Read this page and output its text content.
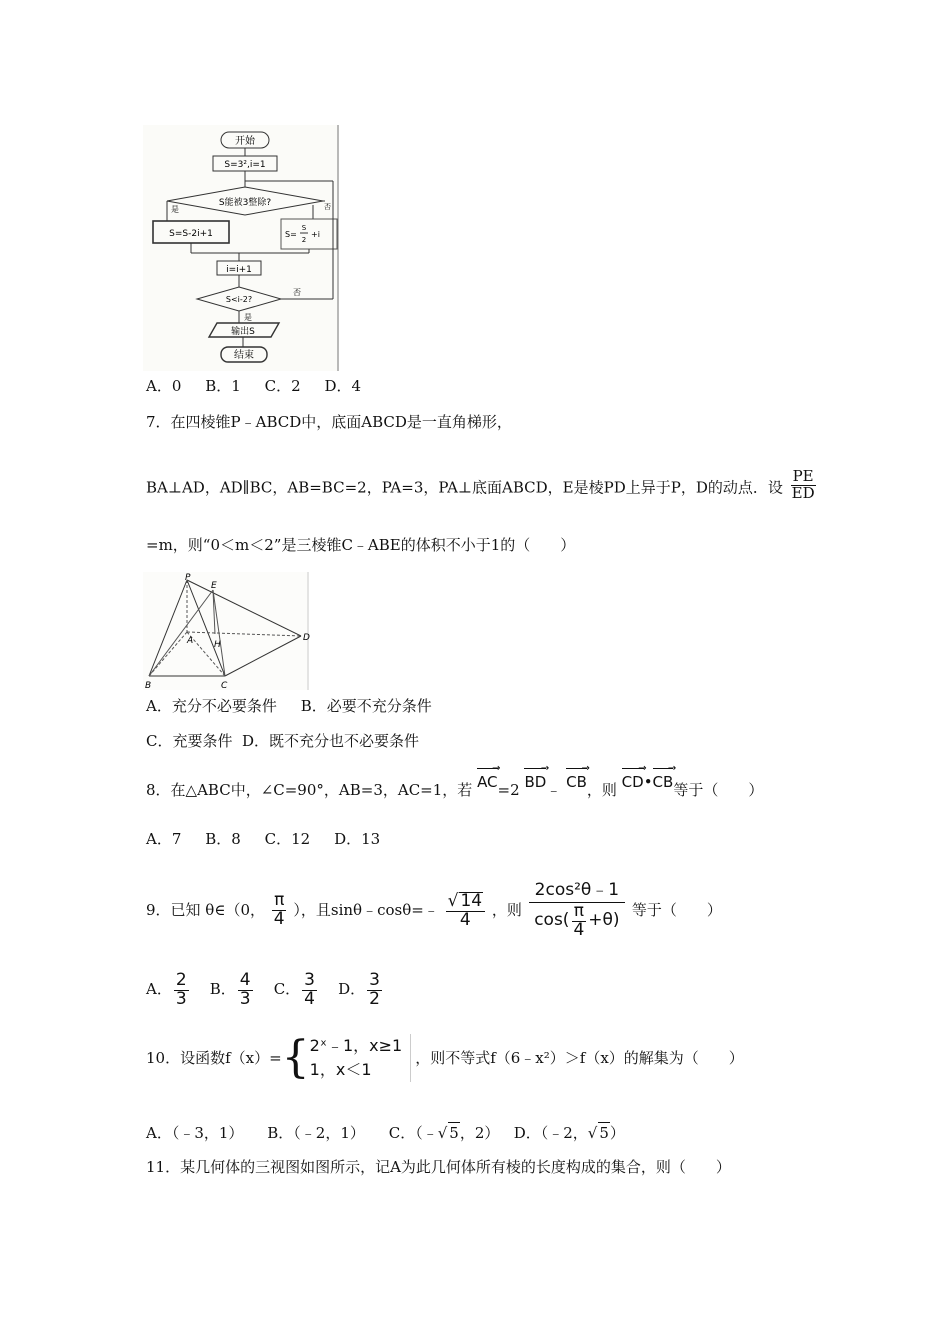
开始
S=3²,i=1
S能被3整除?
是	否
S=S-2i+1	S=
S
2
+i
i=i+1
S<i-2?
否
是
输出S
结束
A．0 B．1 C．2 D．4
7．在四棱锥P﹣ABCD中，底面ABCD是一直角梯形，
BA⊥AD，AD∥BC，AB=BC=2，PA=3，PA⊥底面ABCD，E是棱PD上异于P，D的动点．设 $\frac{PE}{ED}$
=m，则“0＜m＜2”是三棱锥C﹣ABE的体积不小于1的（　　）
P
E
A H
D
B	C
A．充分不必要条件 B．必要不充分条件
C．充要条件 D．既不充分也不必要条件
8．在△ABC中，∠C=90°，AB=3，AC=1，若 AC →=2 BD →﹣ CB →，则 CD →•CB →等于（　　）
A．7 B．8 C．12 D．13
9．已知 θ∈（0， $\frac{\pi}{4}$ ），且sinθ﹣cosθ=﹣ $\frac{√ 14}{4}$ ，则 $\frac{\text{2cos²θ﹣1}}{\cos( \frac{\pi}{4} +\theta)}$ 等于（　　）
A． $\frac{2}{3}$ B． $\frac{4}{3}$ C． $\frac{3}{4}$ D． $\frac{3}{2}$
10．设函数f（x）= { 2ˣ﹣1，x≥1
1，x＜1
，则不等式f（6﹣x²）＞f（x）的解集为（　　）
A．（﹣3，1） B．（﹣2，1） C．（﹣√ 5，2） D．（﹣2，√ 5）
11．某几何体的三视图如图所示，记A为此几何体所有棱的长度构成的集合，则（　　）
